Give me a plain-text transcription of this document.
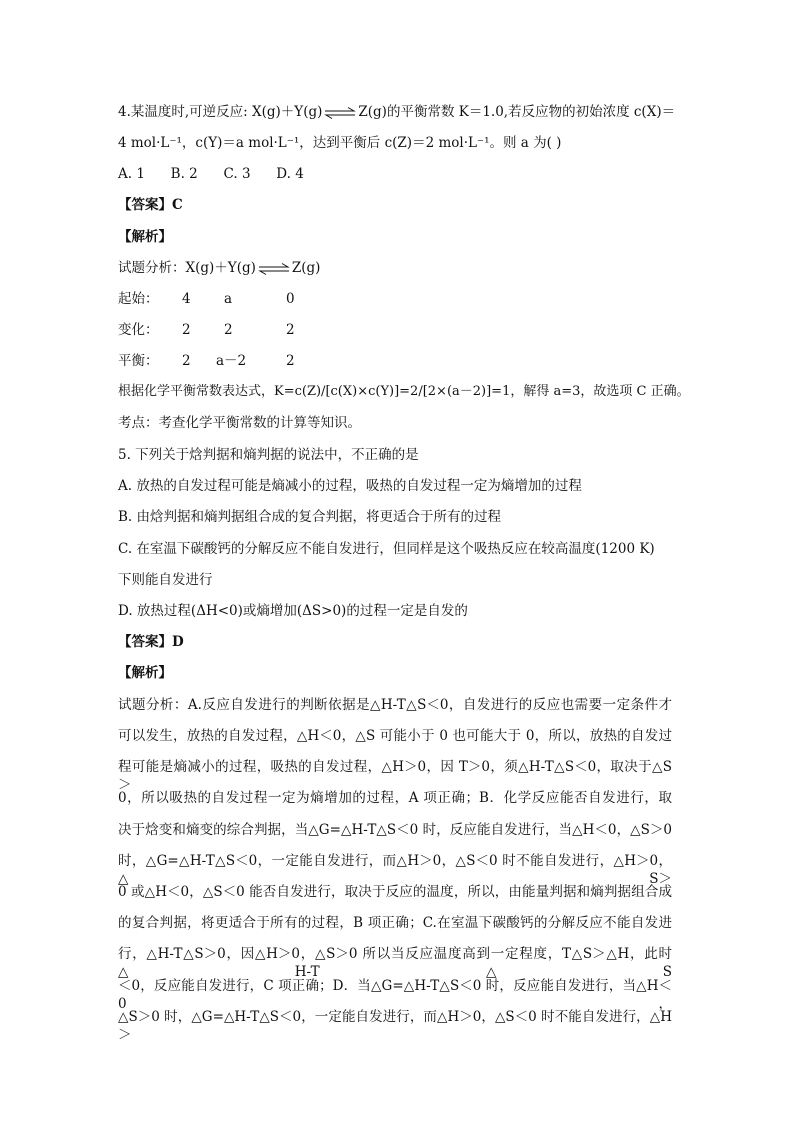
4.某温度时,可逆反应: X(g)＋Y(g)⇌Z(g)的平衡常数 K＝1.0,若反应物的初始浓度 c(X)＝
4 mol·L⁻¹，c(Y)＝a mol·L⁻¹，达到平衡后 c(Z)＝2 mol·L⁻¹。则 a 为( )
A. 1      B. 2      C. 3      D. 4
【答案】C
【解析】
试题分析：X(g)＋Y(g)⇌Z(g)
起始： 4 a	0
变化： 2 2	2
平衡： 2 a－2	2
根据化学平衡常数表达式，K=c(Z)/[c(X)×c(Y)]=2/[2×(a－2)]=1，解得 a=3，故选项 C 正确。
考点：考查化学平衡常数的计算等知识。
5. 下列关于焓判据和熵判据的说法中，不正确的是
A. 放热的自发过程可能是熵减小的过程，吸热的自发过程一定为熵增加的过程
B. 由焓判据和熵判据组合成的复合判据，将更适合于所有的过程
C. 在室温下碳酸钙的分解反应不能自发进行，但同样是这个吸热反应在较高温度(1200 K)
下则能自发进行
D. 放热过程(ΔH<0)或熵增加(ΔS>0)的过程一定是自发的
【答案】D
【解析】
试题分析：A.反应自发进行的判断依据是△H-T△S＜0，自发进行的反应也需要一定条件才
可以发生，放热的自发过程，△H＜0，△S 可能小于 0 也可能大于 0，所以，放热的自发过
程可能是熵减小的过程，吸热的自发过程，△H＞0，因 T＞0，须△H-T△S＜0，取决于△S＞
0，所以吸热的自发过程一定为熵增加的过程，A 项正确；B．化学反应能否自发进行，取
决于焓变和熵变的综合判据，当△G=△H-T△S＜0 时，反应能自发进行，当△H＜0，△S＞0
时，△G=△H-T△S＜0，一定能自发进行，而△H＞0，△S＜0 时不能自发进行，△H＞0，△S＞
0 或△H＜0，△S＜0 能否自发进行，取决于反应的温度，所以，由能量判据和熵判据组合成
的复合判据，将更适合于所有的过程，B 项正确；C.在室温下碳酸钙的分解反应不能自发进
行，△H-T△S＞0，因△H＞0，△S＞0 所以当反应温度高到一定程度，T△S＞△H，此时△H-T△S
＜0，反应能自发进行，C 项正确；D．当△G=△H-T△S＜0 时，反应能自发进行，当△H＜0，
△S＞0 时，△G=△H-T△S＜0，一定能自发进行，而△H＞0，△S＜0 时不能自发进行，△H＞
